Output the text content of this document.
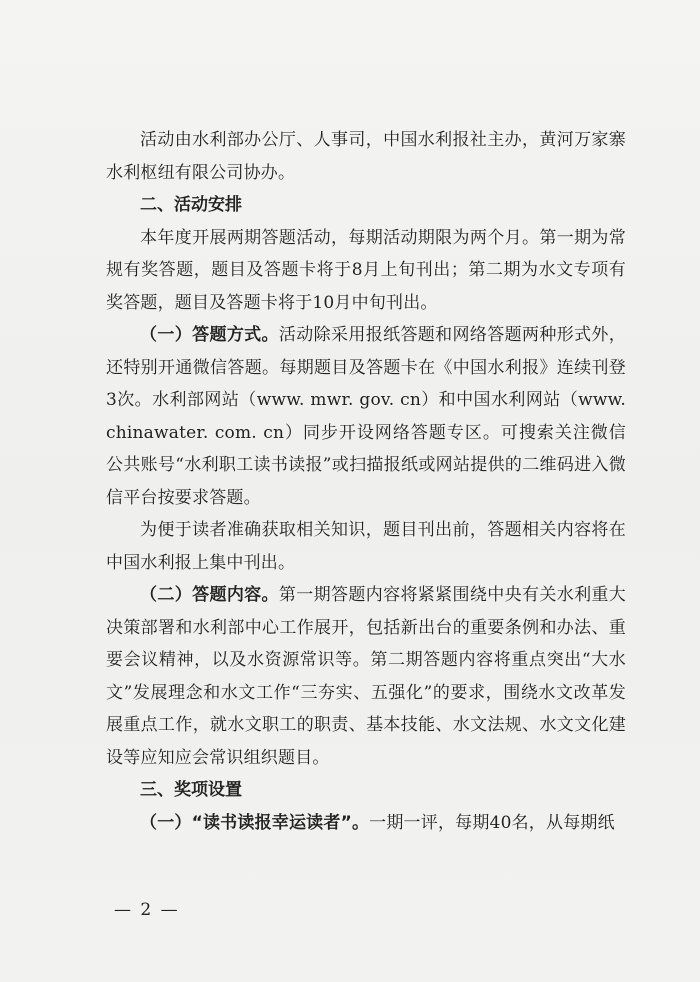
活动由水利部办公厅、人事司，中国水利报社主办，黄河万家寨水利枢纽有限公司协办。

二、活动安排

本年度开展两期答题活动，每期活动期限为两个月。第一期为常规有奖答题，题目及答题卡将于8月上旬刊出；第二期为水文专项有奖答题，题目及答题卡将于10月中旬刊出。

（一）答题方式。活动除采用报纸答题和网络答题两种形式外，还特别开通微信答题。每期题目及答题卡在《中国水利报》连续刊登3次。水利部网站（www. mwr. gov. cn）和中国水利网站（www. chinawater. com. cn）同步开设网络答题专区。可搜索关注微信公共账号“水利职工读书读报”或扫描报纸或网站提供的二维码进入微信平台按要求答题。

为便于读者准确获取相关知识，题目刊出前，答题相关内容将在中国水利报上集中刊出。

（二）答题内容。第一期答题内容将紧紧围绕中央有关水利重大决策部署和水利部中心工作展开，包括新出台的重要条例和办法、重要会议精神，以及水资源常识等。第二期答题内容将重点突出“大水文”发展理念和水文工作“三夯实、五强化”的要求，围绕水文改革发展重点工作，就水文职工的职责、基本技能、水文法规、水文文化建设等应知应会常识组织题目。

三、奖项设置

（一）“读书读报幸运读者”。一期一评，每期40名，从每期纸

— 2 —
